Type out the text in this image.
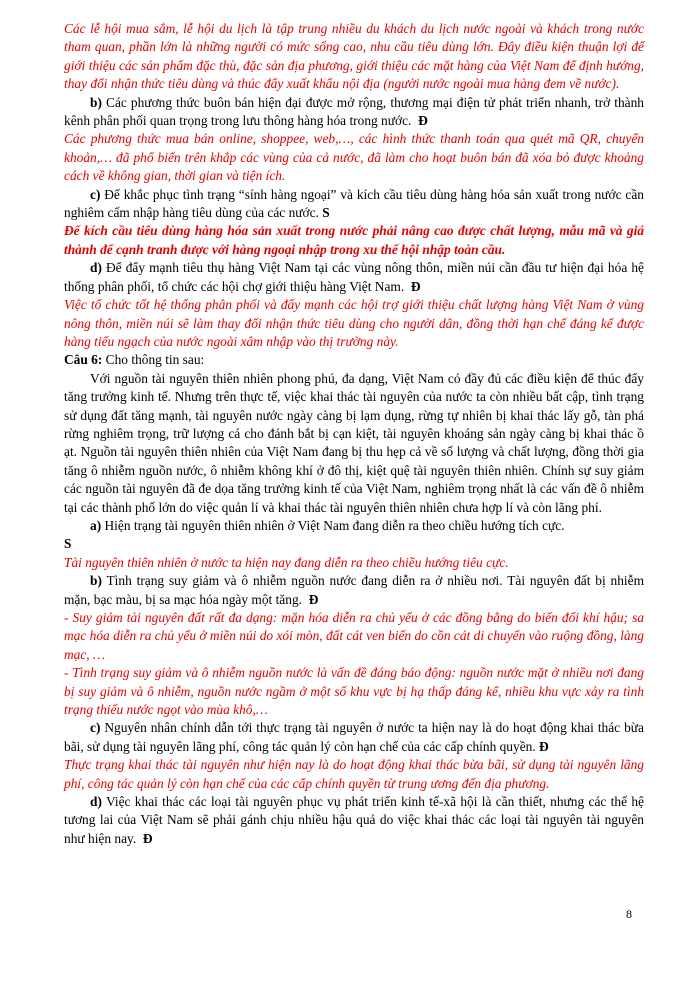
Các lễ hội mua sắm, lễ hội du lịch là tập trung nhiều du khách du lịch nước ngoài và khách trong nước tham quan, phần lớn là những người có mức sống cao, nhu cầu tiêu dùng lớn. Đây điều kiện thuận lợi để giới thiệu các sản phẩm đặc thù, đặc sản địa phương, giới thiệu các mặt hàng của Việt Nam để định hướng, thay đổi nhận thức tiêu dùng và thúc đẩy xuất khẩu nội địa (người nước ngoài mua hàng đem về nước).

b) Các phương thức buôn bán hiện đại được mở rộng, thương mại điện tử phát triển nhanh, trở thành kênh phân phối quan trọng trong lưu thông hàng hóa trong nước. Đ

Các phương thức mua bán online, shoppee, web,…, các hình thức thanh toán qua quét mã QR, chuyển khoản,… đã phổ biến trên khắp các vùng của cả nước, đã làm cho hoạt buôn bán đã xóa bỏ được khoảng cách về không gian, thời gian và tiện ích.

c) Để khắc phục tình trạng “sính hàng ngoại” và kích cầu tiêu dùng hàng hóa sản xuất trong nước cần nghiêm cấm nhập hàng tiêu dùng của các nước. S

Để kích cầu tiêu dùng hàng hóa sản xuất trong nước phải nâng cao được chất lượng, mẫu mã và giá thành để cạnh tranh được với hàng ngoại nhập trong xu thế hội nhập toàn cầu.

d) Để đẩy mạnh tiêu thụ hàng Việt Nam tại các vùng nông thôn, miền núi cần đầu tư hiện đại hóa hệ thống phân phối, tổ chức các hội chợ giới thiệu hàng Việt Nam. Đ

Việc tổ chức tốt hệ thống phân phối và đẩy mạnh các hội trợ giới thiệu chất lượng hàng Việt Nam ở vùng nông thôn, miền núi sẽ làm thay đổi nhận thức tiêu dùng cho người dân, đồng thời hạn chế đáng kể được hàng tiểu ngạch của nước ngoài xâm nhập vào thị trường này.

Câu 6: Cho thông tin sau:

Với nguồn tài nguyên thiên nhiên phong phú, đa dạng, Việt Nam có đầy đủ các điều kiện để thúc đẩy tăng trưởng kinh tế. Nhưng trên thực tế, việc khai thác tài nguyên của nước ta còn nhiều bất cập, tình trạng sử dụng đất tăng mạnh, tài nguyên nước ngày càng bị lạm dụng, rừng tự nhiên bị khai thác lấy gỗ, tàn phá rừng nghiêm trọng, trữ lượng cá cho đánh bắt bị cạn kiệt, tài nguyên khoáng sản ngày càng bị khai thác ồ ạt. Nguồn tài nguyên thiên nhiên của Việt Nam đang bị thu hẹp cả về số lượng và chất lượng, đồng thời gia tăng ô nhiễm nguồn nước, ô nhiễm không khí ở đô thị, kiệt quệ tài nguyên thiên nhiên. Chính sự suy giảm các nguồn tài nguyên đã đe dọa tăng trưởng kinh tế của Việt Nam, nghiêm trọng nhất là các vấn đề ô nhiễm tại các thành phố lớn do việc quản lí và khai thác tài nguyên thiên nhiên chưa hợp lí và còn lãng phí.

a) Hiện trạng tài nguyên thiên nhiên ở Việt Nam đang diễn ra theo chiều hướng tích cực.

S

Tài nguyên thiên nhiên ở nước ta hiện nay đang diễn ra theo chiều hướng tiêu cực.

b) Tình trạng suy giảm và ô nhiễm nguồn nước đang diễn ra ở nhiều nơi. Tài nguyên đất bị nhiễm mặn, bạc màu, bị sa mạc hóa ngày một tăng. Đ

- Suy giảm tài nguyên đất rất đa dạng: mặn hóa diễn ra chủ yếu ở các đồng bằng do biến đổi khí hậu; sa mạc hóa diễn ra chủ yếu ở miền núi do xói mòn, đất cát ven biển do cồn cát di chuyển vào ruộng đồng, làng mạc, …

- Tình trạng suy giảm và ô nhiễm nguồn nước là vấn đề đáng báo động: nguồn nước mặt ở nhiều nơi đang bị suy giảm và ô nhiễm, nguồn nước ngầm ở một số khu vực bị hạ thấp đáng kể, nhiều khu vực xảy ra tình trạng thiếu nước ngọt vào mùa khô,…

c) Nguyên nhân chính dẫn tới thực trạng tài nguyên ở nước ta hiện nay là do hoạt động khai thác bừa bãi, sử dụng tài nguyên lãng phí, công tác quản lý còn hạn chế của các cấp chính quyền. Đ

Thực trạng khai thác tài nguyên như hiện nay là do hoạt động khai thác bừa bãi, sử dụng tài nguyên lãng phí, công tác quản lý còn hạn chế của các cấp chính quyền từ trung ương đến địa phương.

d) Việc khai thác các loại tài nguyên phục vụ phát triển kinh tế-xã hội là cần thiết, nhưng các thế hệ tương lai của Việt Nam sẽ phải gánh chịu nhiều hậu quả do việc khai thác các loại tài nguyên tài nguyên như hiện nay. Đ

8
